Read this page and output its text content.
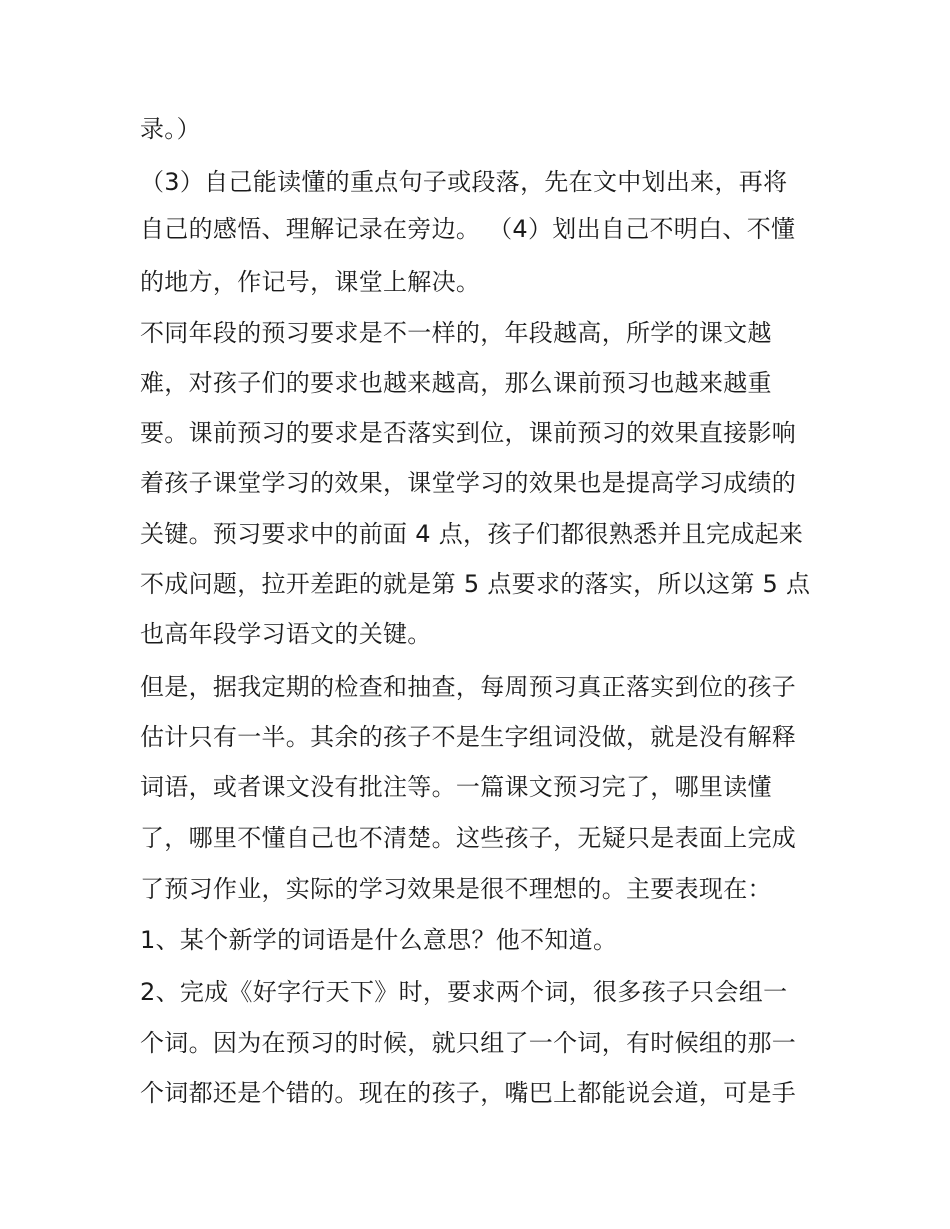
录。）
（3）自己能读懂的重点句子或段落，先在文中划出来，再将
自己的感悟、理解记录在旁边。 （4）划出自己不明白、不懂
的地方，作记号，课堂上解决。
不同年段的预习要求是不一样的，年段越高，所学的课文越
难，对孩子们的要求也越来越高，那么课前预习也越来越重
要。课前预习的要求是否落实到位，课前预习的效果直接影响
着孩子课堂学习的效果，课堂学习的效果也是提高学习成绩的
关键。预习要求中的前面 4 点，孩子们都很熟悉并且完成起来
不成问题，拉开差距的就是第 5 点要求的落实，所以这第 5 点
也高年段学习语文的关键。
但是，据我定期的检查和抽查，每周预习真正落实到位的孩子
估计只有一半。其余的孩子不是生字组词没做，就是没有解释
词语，或者课文没有批注等。一篇课文预习完了，哪里读懂
了，哪里不懂自己也不清楚。这些孩子，无疑只是表面上完成
了预习作业，实际的学习效果是很不理想的。主要表现在：
1、某个新学的词语是什么意思？他不知道。
2、完成《好字行天下》时，要求两个词，很多孩子只会组一
个词。因为在预习的时候，就只组了一个词，有时候组的那一
个词都还是个错的。现在的孩子，嘴巴上都能说会道，可是手
